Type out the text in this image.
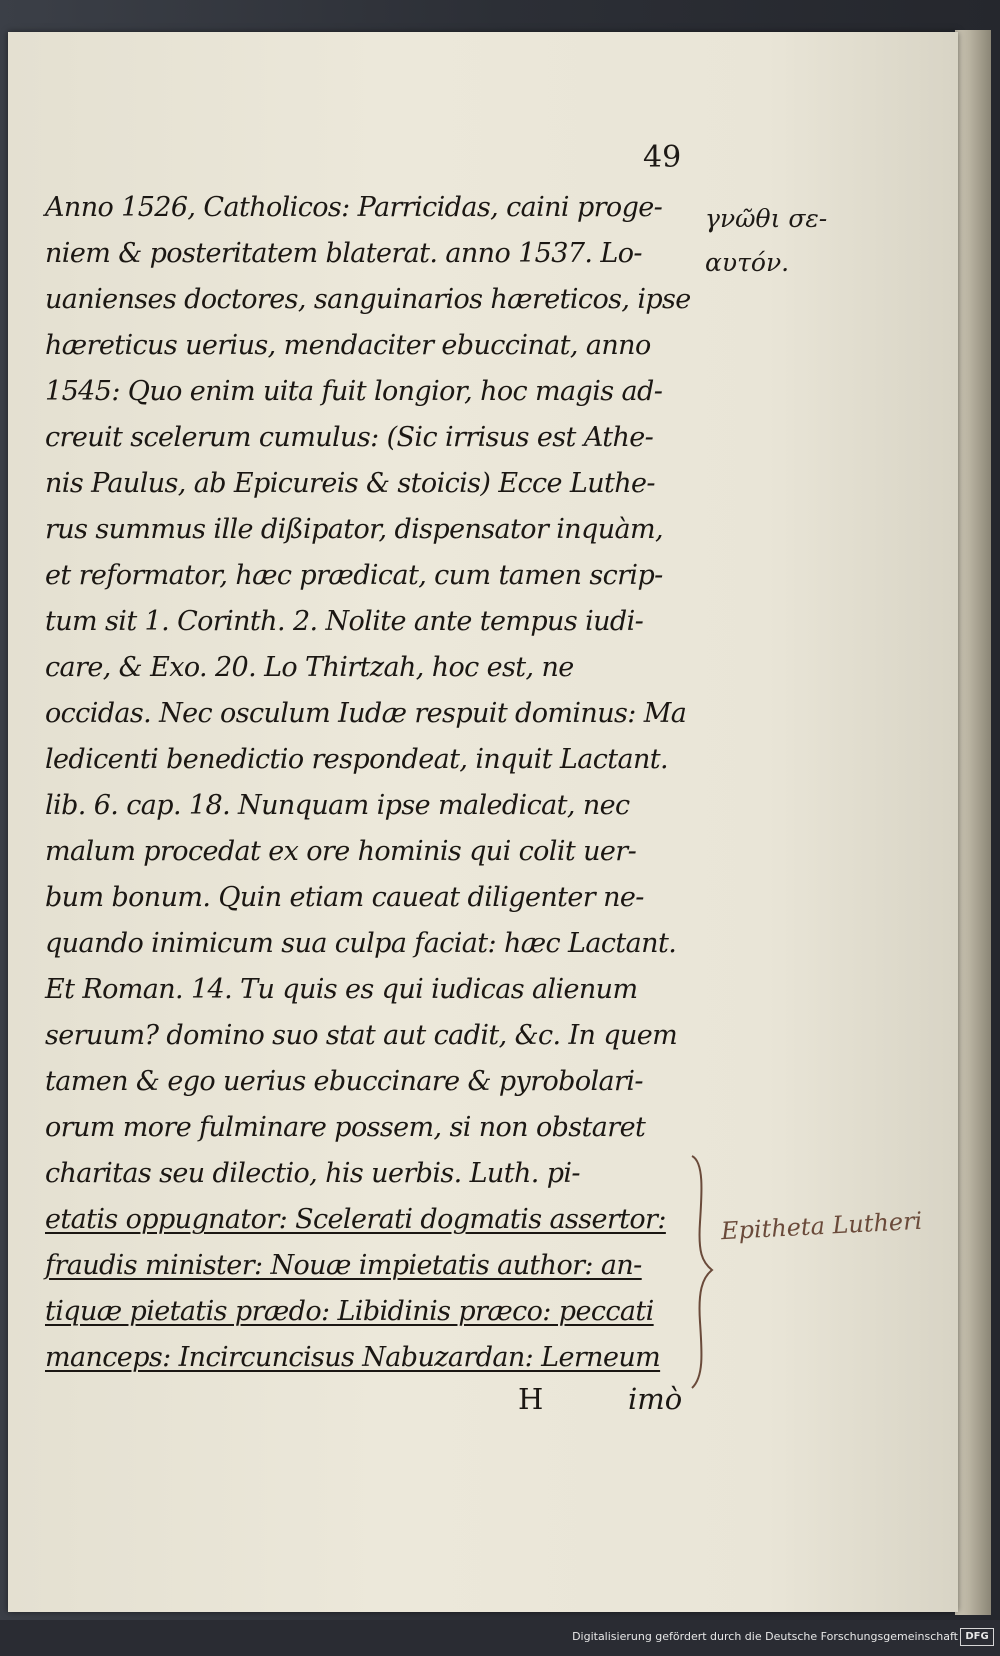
49
γνῶθι σε-
αυτόν.
Anno 1526, Catholicos: Parricidas, caini proge-
niem & posteritatem blaterat. anno 1537. Lo-
uanienses doctores, sanguinarios hæreticos, ipse
hæreticus uerius, mendaciter ebuccinat, anno
1545: Quo enim uita fuit longior, hoc magis ad-
creuit scelerum cumulus: (Sic irrisus est Athe-
nis Paulus, ab Epicureis & stoicis) Ecce Luthe-
rus summus ille dißipator, dispensator inquàm,
et reformator, hæc prædicat, cum tamen scrip-
tum sit 1. Corinth. 2. Nolite ante tempus iudi-
care, & Exo. 20. Lo Thirtzah, hoc est, ne
occidas. Nec osculum Iudæ respuit dominus: Ma
ledicenti benedictio respondeat, inquit Lactant.
lib. 6. cap. 18. Nunquam ipse maledicat, nec
malum procedat ex ore hominis qui colit uer-
bum bonum. Quin etiam caueat diligenter ne-
quando inimicum sua culpa faciat: hæc Lactant.
Et Roman. 14. Tu quis es qui iudicas alienum
seruum? domino suo stat aut cadit, &c. In quem
tamen & ego uerius ebuccinare & pyrobolari-
orum more fulminare possem, si non obstaret
charitas seu dilectio, his uerbis. Luth. pi-
etatis oppugnator: Scelerati dogmatis assertor:
fraudis minister: Nouæ impietatis author: an-
tiquæ pietatis prædo: Libidinis præco: peccati
manceps: Incircuncisus Nabuzardan: Lerneum
H	imò
Epitheta Lutheri
Digitalisierung gefördert durch die Deutsche Forschungsgemeinschaft DFG
